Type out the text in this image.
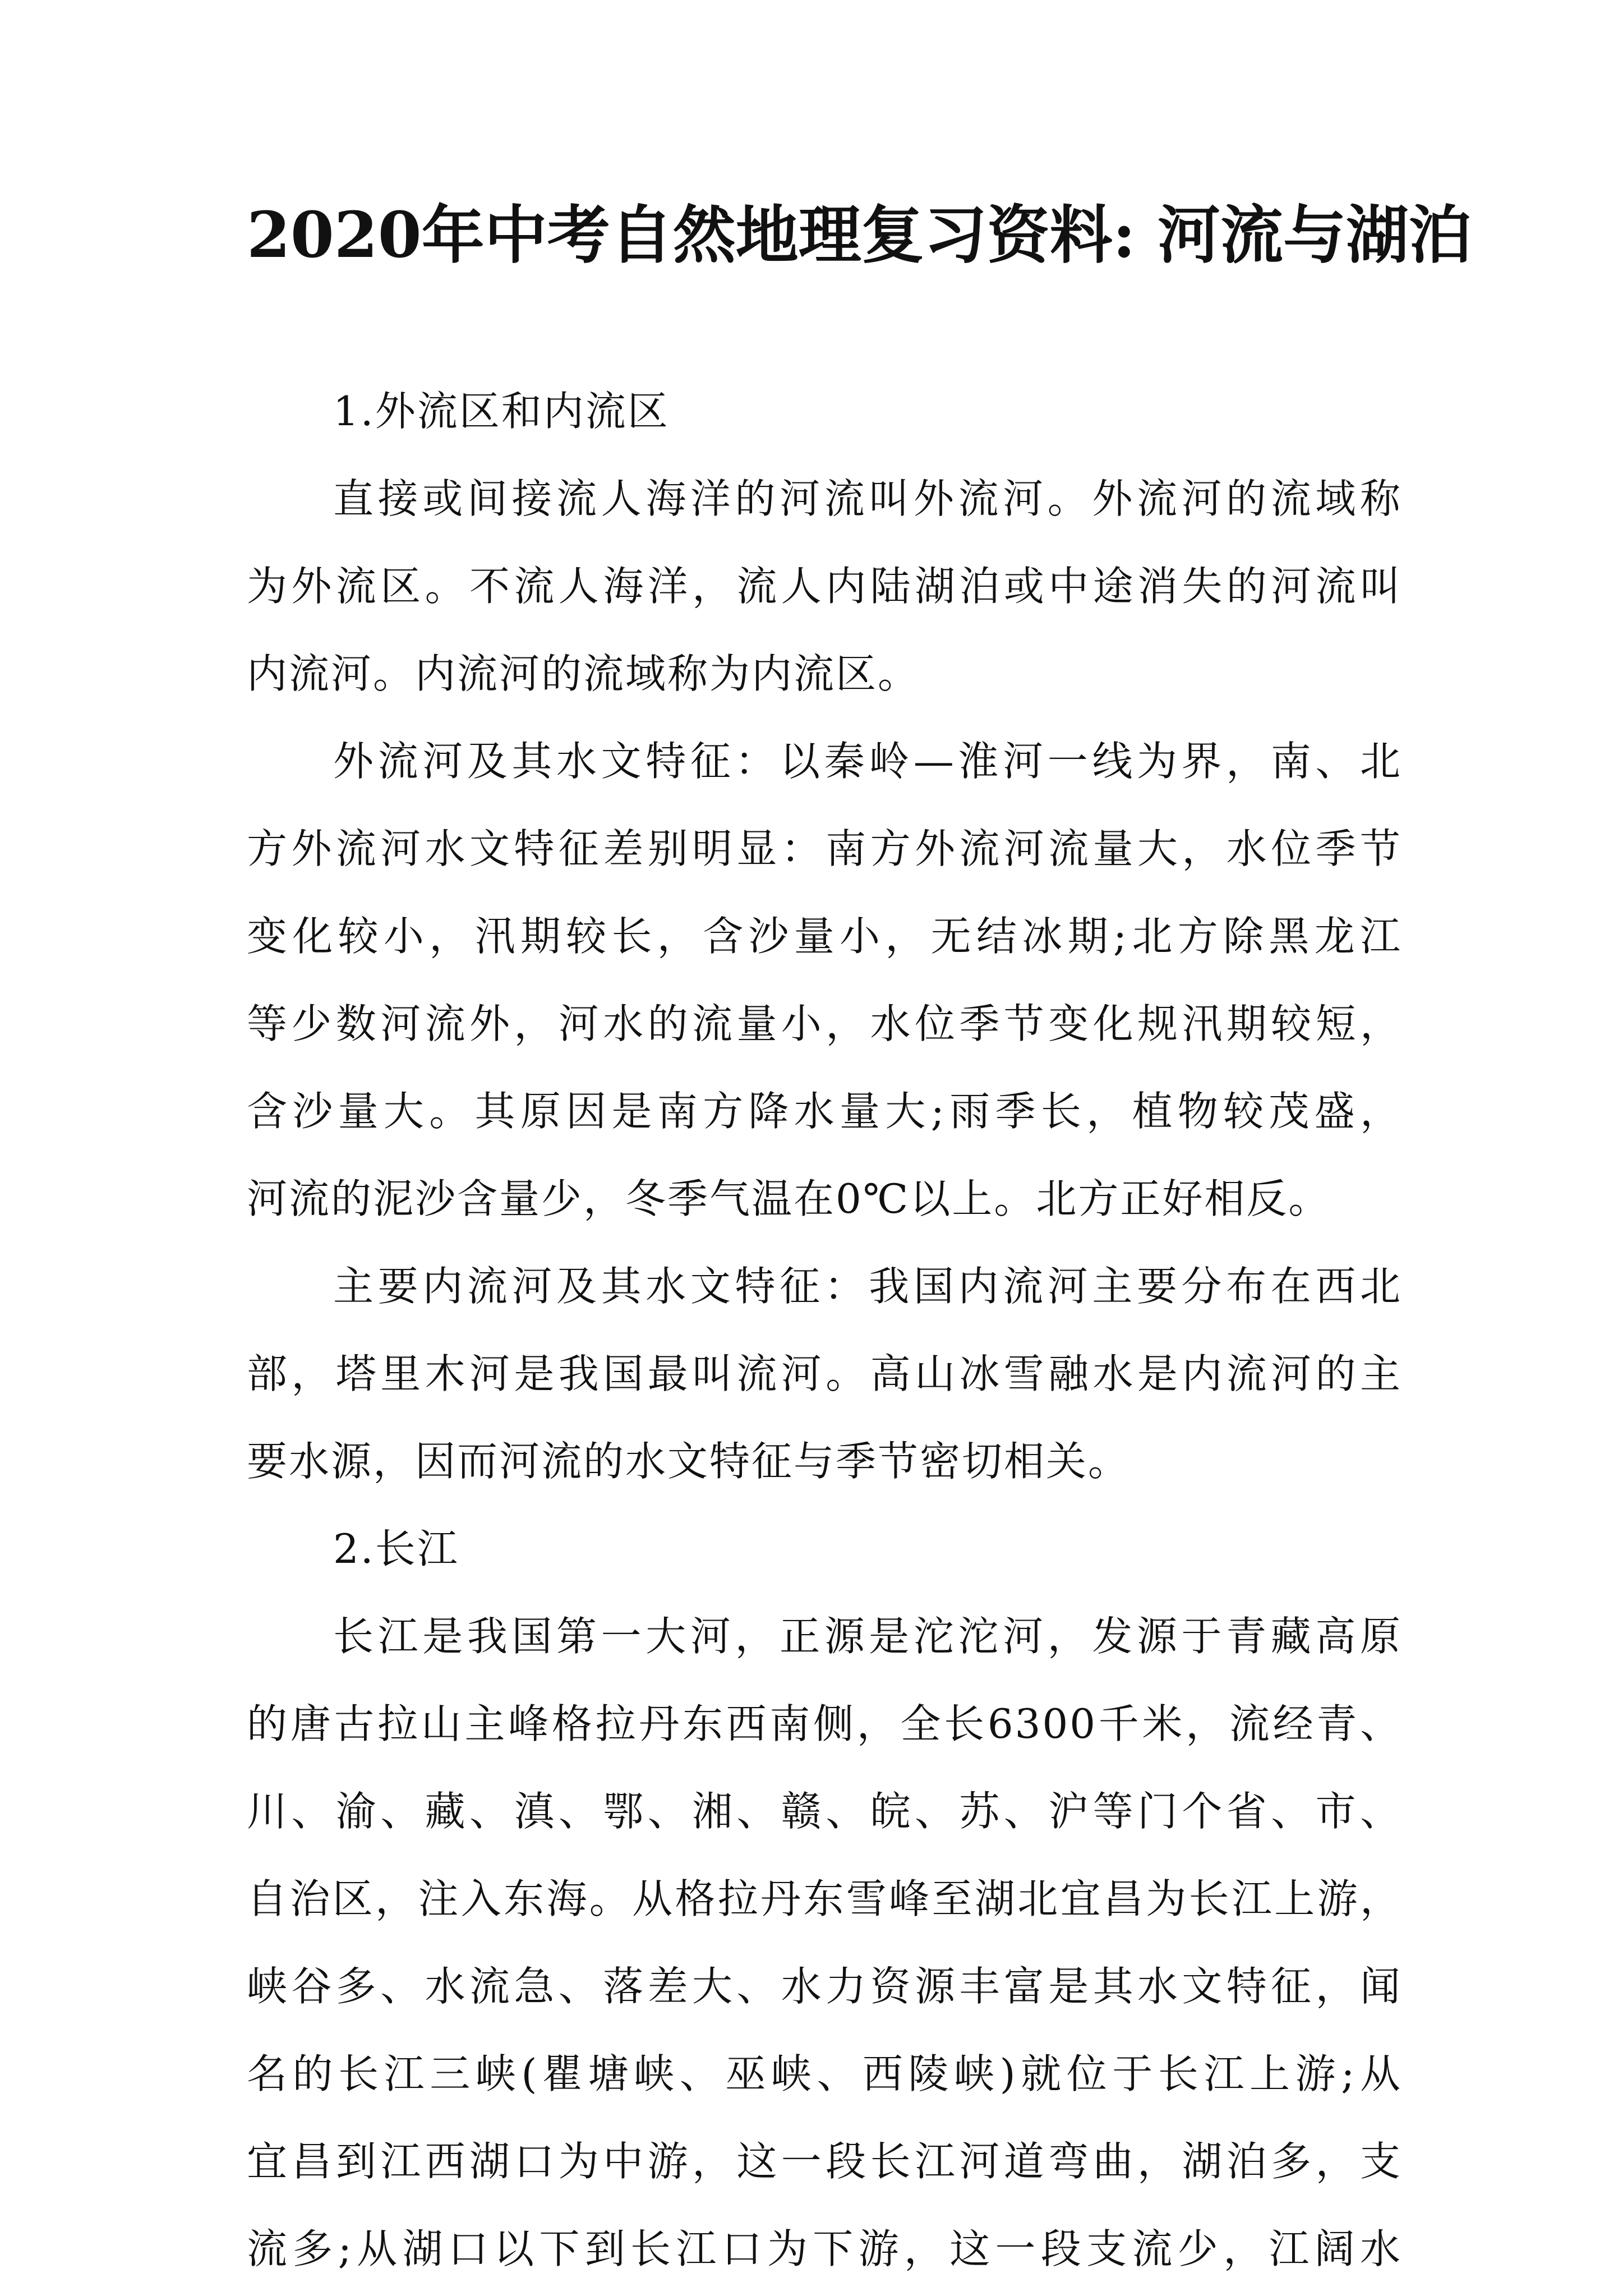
2020年中考自然地理复习资料: 河流与湖泊
1.外流区和内流区
直接或间接流人海洋的河流叫外流河。外流河的流域称
为外流区。不流人海洋，流人内陆湖泊或中途消失的河流叫
内流河。内流河的流域称为内流区。
外流河及其水文特征：以秦岭—淮河一线为界，南、北
方外流河水文特征差别明显：南方外流河流量大，水位季节
变化较小，汛期较长，含沙量小，无结冰期;北方除黑龙江
等少数河流外，河水的流量小，水位季节变化规汛期较短，
含沙量大。其原因是南方降水量大;雨季长，植物较茂盛，
河流的泥沙含量少，冬季气温在0℃以上。北方正好相反。
主要内流河及其水文特征：我国内流河主要分布在西北
部，塔里木河是我国最叫流河。高山冰雪融水是内流河的主
要水源，因而河流的水文特征与季节密切相关。
2.长江
长江是我国第一大河，正源是沱沱河，发源于青藏高原
的唐古拉山主峰格拉丹东西南侧，全长6300千米，流经青、
川、渝、藏、滇、鄂、湘、赣、皖、苏、沪等门个省、市、
自治区，注入东海。从格拉丹东雪峰至湖北宜昌为长江上游，
峡谷多、水流急、落差大、水力资源丰富是其水文特征，闻
名的长江三峡(瞿塘峡、巫峡、西陵峡)就位于长江上游;从
宜昌到江西湖口为中游，这一段长江河道弯曲，湖泊多，支
流多;从湖口以下到长江口为下游，这一段支流少，江阔水
